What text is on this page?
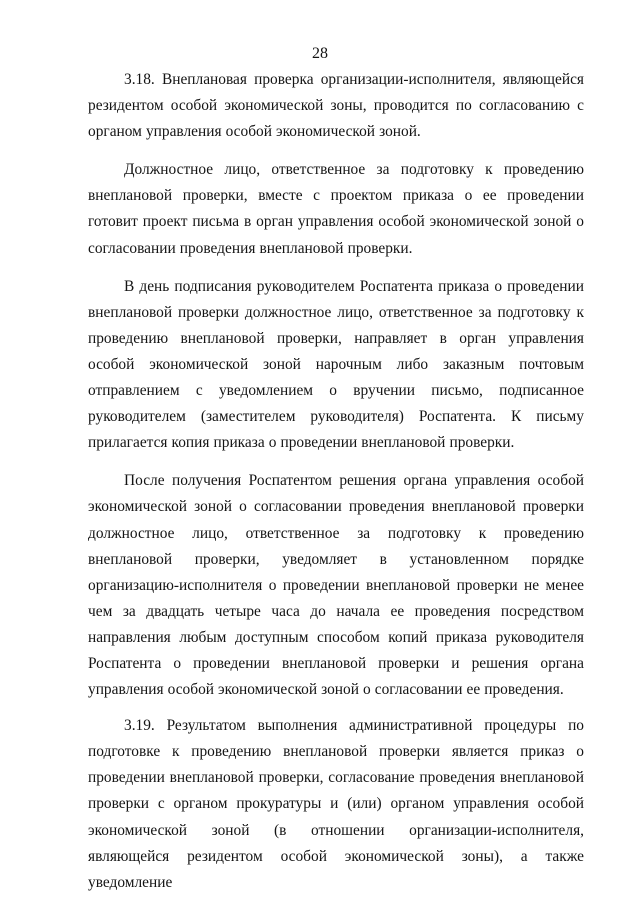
28

3.18. Внеплановая проверка организации-исполнителя, являющейся резидентом особой экономической зоны, проводится по согласованию с органом управления особой экономической зоной.

Должностное лицо, ответственное за подготовку к проведению внеплановой проверки, вместе с проектом приказа о ее проведении готовит проект письма в орган управления особой экономической зоной о согласовании проведения внеплановой проверки.

В день подписания руководителем Роспатента приказа о проведении внеплановой проверки должностное лицо, ответственное за подготовку к проведению внеплановой проверки, направляет в орган управления особой экономической зоной нарочным либо заказным почтовым отправлением с уведомлением о вручении письмо, подписанное руководителем (заместителем руководителя) Роспатента. К письму прилагается копия приказа о проведении внеплановой проверки.

После получения Роспатентом решения органа управления особой экономической зоной о согласовании проведения внеплановой проверки должностное лицо, ответственное за подготовку к проведению внеплановой проверки, уведомляет в установленном порядке организацию-исполнителя о проведении внеплановой проверки не менее чем за двадцать четыре часа до начала ее проведения посредством направления любым доступным способом копий приказа руководителя Роспатента о проведении внеплановой проверки и решения органа управления особой экономической зоной о согласовании ее проведения.

3.19. Результатом выполнения административной процедуры по подготовке к проведению внеплановой проверки является приказ о проведении внеплановой проверки, согласование проведения внеплановой проверки с органом прокуратуры и (или) органом управления особой экономической зоной (в отношении организации-исполнителя, являющейся резидентом особой экономической зоны), а также уведомление
